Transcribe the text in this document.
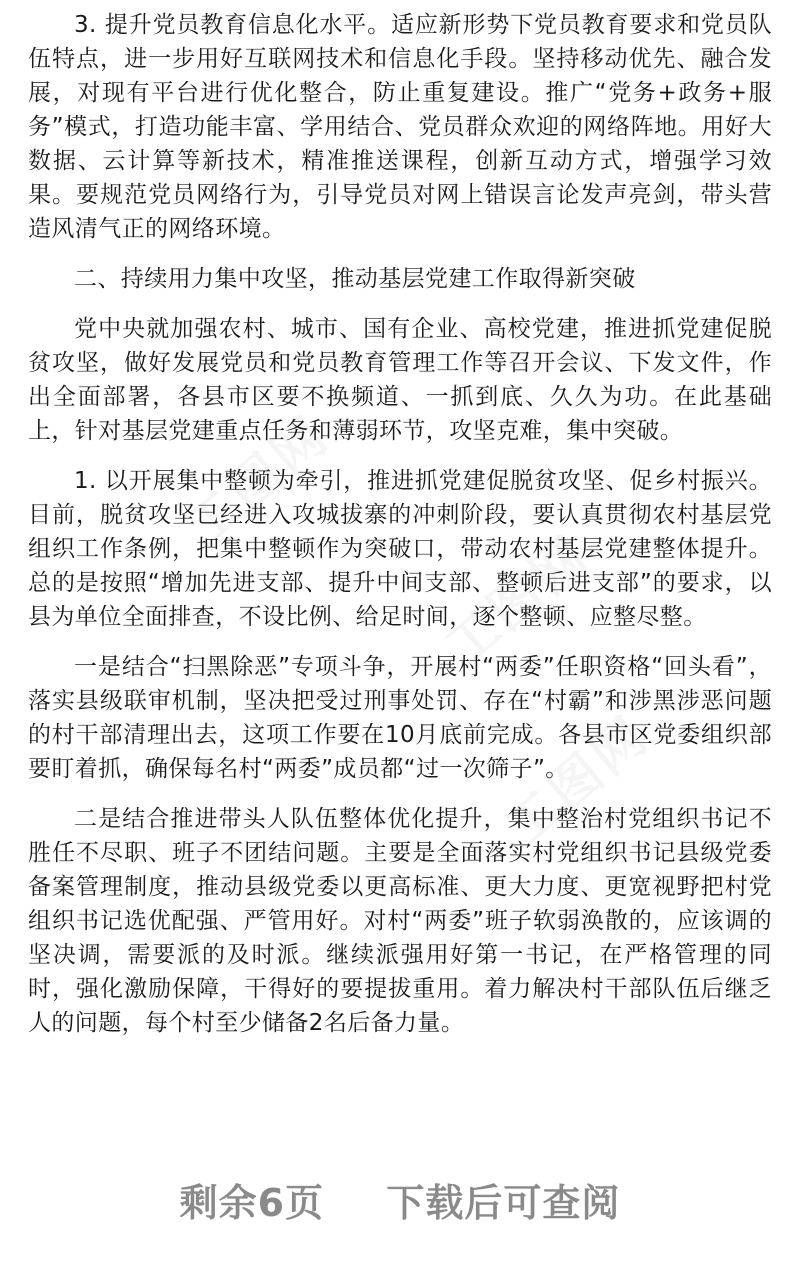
工图网
工图网
工图网

3. 提升党员教育信息化水平。适应新形势下党员教育要求和党员队伍特点，进一步用好互联网技术和信息化手段。坚持移动优先、融合发展，对现有平台进行优化整合，防止重复建设。推广“党务+政务+服务”模式，打造功能丰富、学用结合、党员群众欢迎的网络阵地。用好大数据、云计算等新技术，精准推送课程，创新互动方式，增强学习效果。要规范党员网络行为，引导党员对网上错误言论发声亮剑，带头营造风清气正的网络环境。

二、持续用力集中攻坚，推动基层党建工作取得新突破

党中央就加强农村、城市、国有企业、高校党建，推进抓党建促脱贫攻坚，做好发展党员和党员教育管理工作等召开会议、下发文件，作出全面部署，各县市区要不换频道、一抓到底、久久为功。在此基础上，针对基层党建重点任务和薄弱环节，攻坚克难，集中突破。

1. 以开展集中整顿为牵引，推进抓党建促脱贫攻坚、促乡村振兴。目前，脱贫攻坚已经进入攻城拔寨的冲刺阶段，要认真贯彻农村基层党组织工作条例，把集中整顿作为突破口，带动农村基层党建整体提升。总的是按照“增加先进支部、提升中间支部、整顿后进支部”的要求，以县为单位全面排查，不设比例、给足时间，逐个整顿、应整尽整。

一是结合“扫黑除恶”专项斗争，开展村“两委”任职资格“回头看”，落实县级联审机制，坚决把受过刑事处罚、存在“村霸”和涉黑涉恶问题的村干部清理出去，这项工作要在10月底前完成。各县市区党委组织部要盯着抓，确保每名村“两委”成员都“过一次筛子”。

二是结合推进带头人队伍整体优化提升，集中整治村党组织书记不胜任不尽职、班子不团结问题。主要是全面落实村党组织书记县级党委备案管理制度，推动县级党委以更高标准、更大力度、更宽视野把村党组织书记选优配强、严管用好。对村“两委”班子软弱涣散的，应该调的坚决调，需要派的及时派。继续派强用好第一书记，在严格管理的同时，强化激励保障，干得好的要提拔重用。着力解决村干部队伍后继乏人的问题，每个村至少储备2名后备力量。

剩余6页 下载后可查阅
